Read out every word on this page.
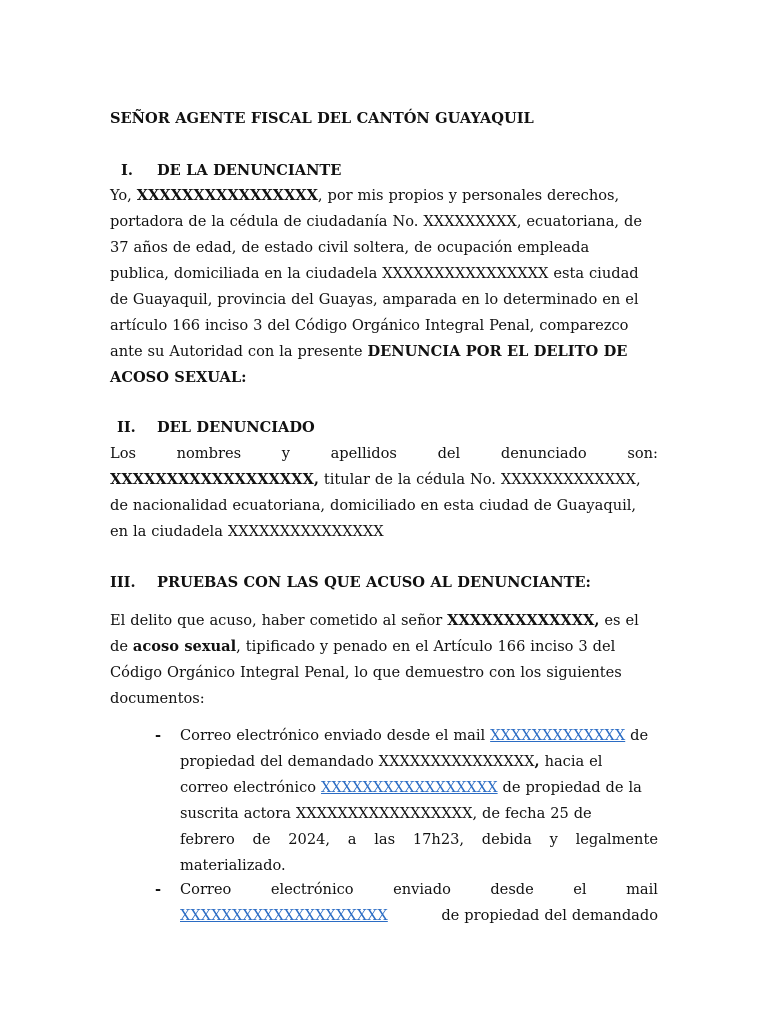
SEÑOR AGENTE FISCAL DEL CANTÓN GUAYAQUIL
I. DE LA DENUNCIANTE
Yo, XXXXXXXXXXXXXXXX, por mis propios y personales derechos,
portadora de la cédula de ciudadanía No. XXXXXXXXX, ecuatoriana, de
37 años de edad, de estado civil soltera, de ocupación empleada
publica, domiciliada en la ciudadela XXXXXXXXXXXXXXXX esta ciudad
de Guayaquil, provincia del Guayas, amparada en lo determinado en el
artículo 166 inciso 3 del Código Orgánico Integral Penal, comparezco
ante su Autoridad con la presente DENUNCIA POR EL DELITO DE
ACOSO SEXUAL:
II. DEL DENUNCIADO
Los	nombres	y	apellidos	del	denunciado	son:
XXXXXXXXXXXXXXXXXX, titular de la cédula No. XXXXXXXXXXXXX,
de nacionalidad ecuatoriana, domiciliado en esta ciudad de Guayaquil,
en la ciudadela XXXXXXXXXXXXXXX
III. PRUEBAS CON LAS QUE ACUSO AL DENUNCIANTE:
El delito que acuso, haber cometido al señor XXXXXXXXXXXXX, es el
de acoso sexual, tipificado y penado en el Artículo 166 inciso 3 del
Código Orgánico Integral Penal, lo que demuestro con los siguientes
documentos:
- Correo electrónico enviado desde el mail XXXXXXXXXXXXX de
propiedad del demandado XXXXXXXXXXXXXXX, hacia el
correo electrónico XXXXXXXXXXXXXXXXX de propiedad de la
suscrita actora XXXXXXXXXXXXXXXXX, de fecha 25 de
febrero de 2024, a las 17h23, debida y legalmente
materializado.
- Correo	electrónico	enviado	desde	el	mail
XXXXXXXXXXXXXXXXXXXX	de propiedad del demandado
